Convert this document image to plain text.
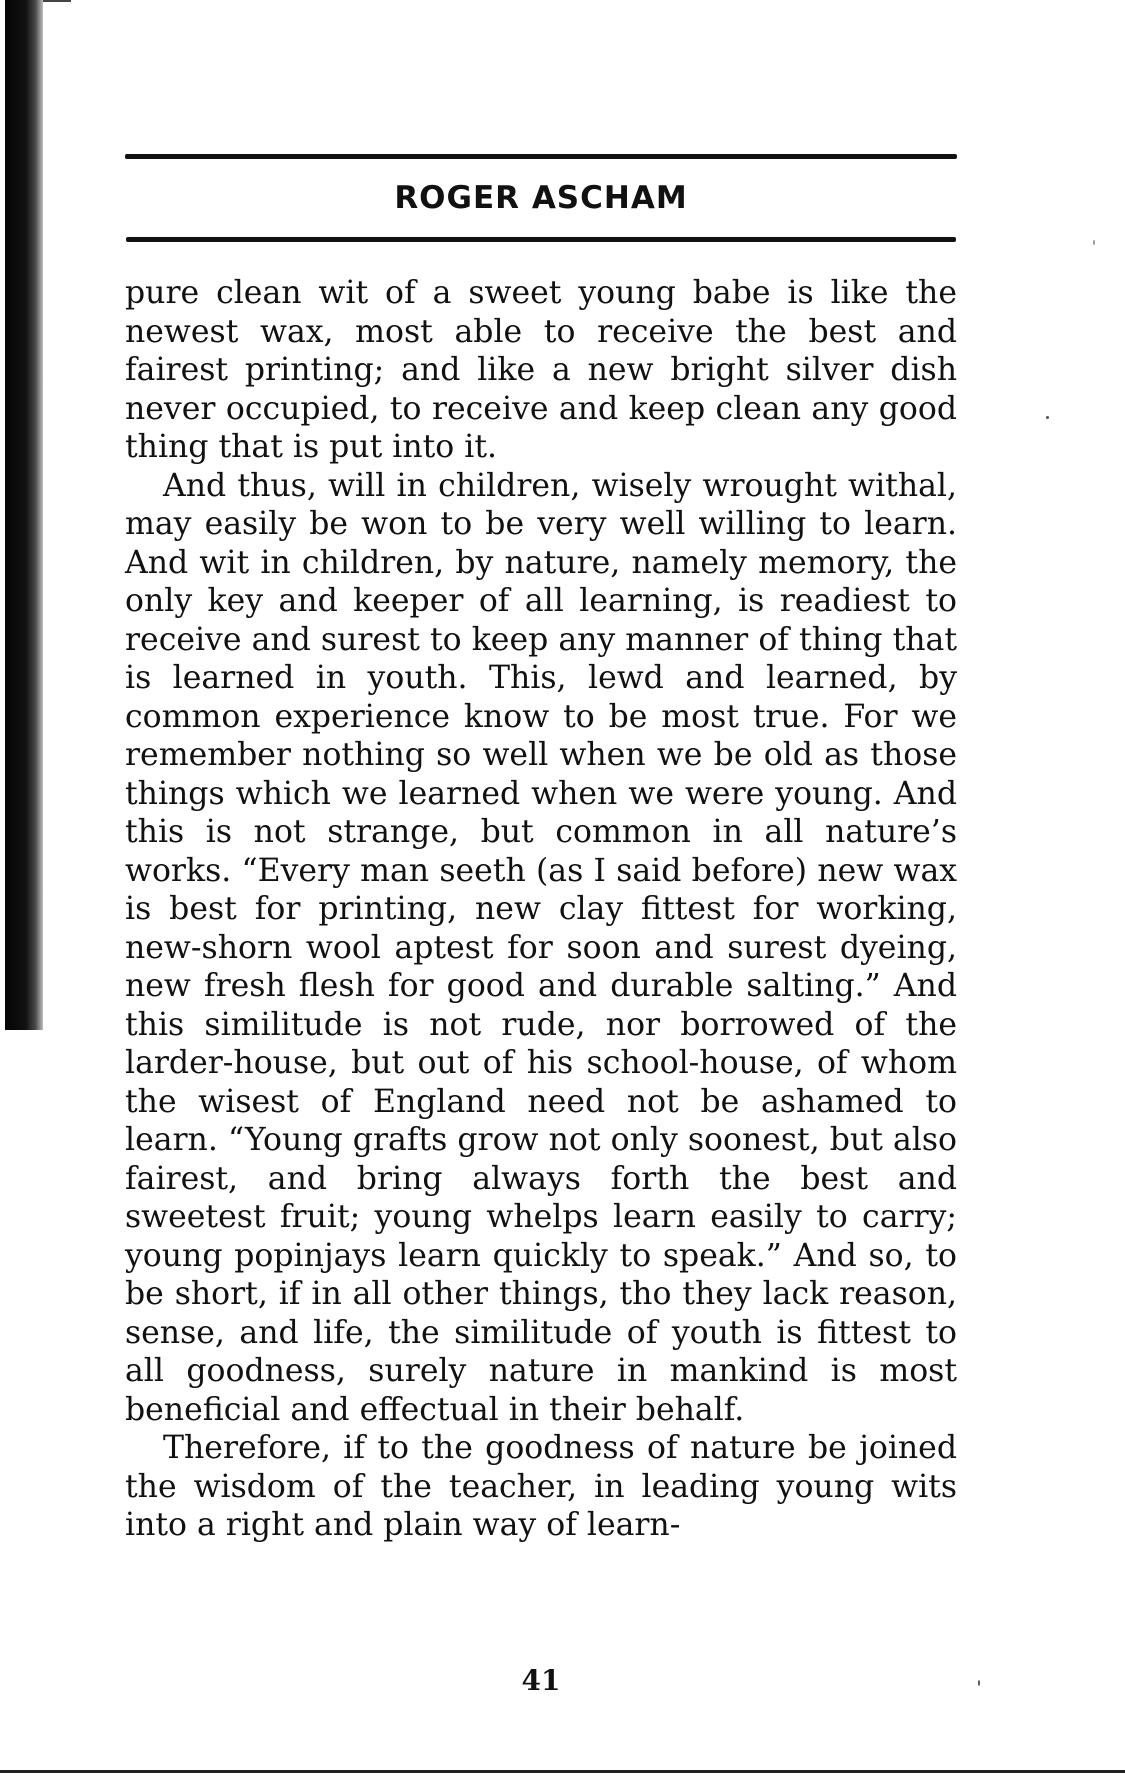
ROGER ASCHAM

pure clean wit of a sweet young babe is like the newest wax, most able to receive the best and fairest printing; and like a new bright silver dish never occupied, to receive and keep clean any good thing that is put into it.

And thus, will in children, wisely wrought withal, may easily be won to be very well willing to learn. And wit in children, by nature, namely memory, the only key and keeper of all learning, is readiest to receive and surest to keep any manner of thing that is learned in youth. This, lewd and learned, by common experience know to be most true. For we remember nothing so well when we be old as those things which we learned when we were young. And this is not strange, but common in all nature’s works. “Every man seeth (as I said before) new wax is best for printing, new clay fittest for working, new-shorn wool aptest for soon and surest dyeing, new fresh flesh for good and durable salting.” And this similitude is not rude, nor borrowed of the larder-house, but out of his school-house, of whom the wisest of England need not be ashamed to learn. “Young grafts grow not only soonest, but also fairest, and bring always forth the best and sweetest fruit; young whelps learn easily to carry; young popinjays learn quickly to speak.” And so, to be short, if in all other things, tho they lack reason, sense, and life, the similitude of youth is fittest to all goodness, surely nature in mankind is most beneficial and effectual in their behalf.

Therefore, if to the goodness of nature be joined the wisdom of the teacher, in leading young wits into a right and plain way of learn-

41
